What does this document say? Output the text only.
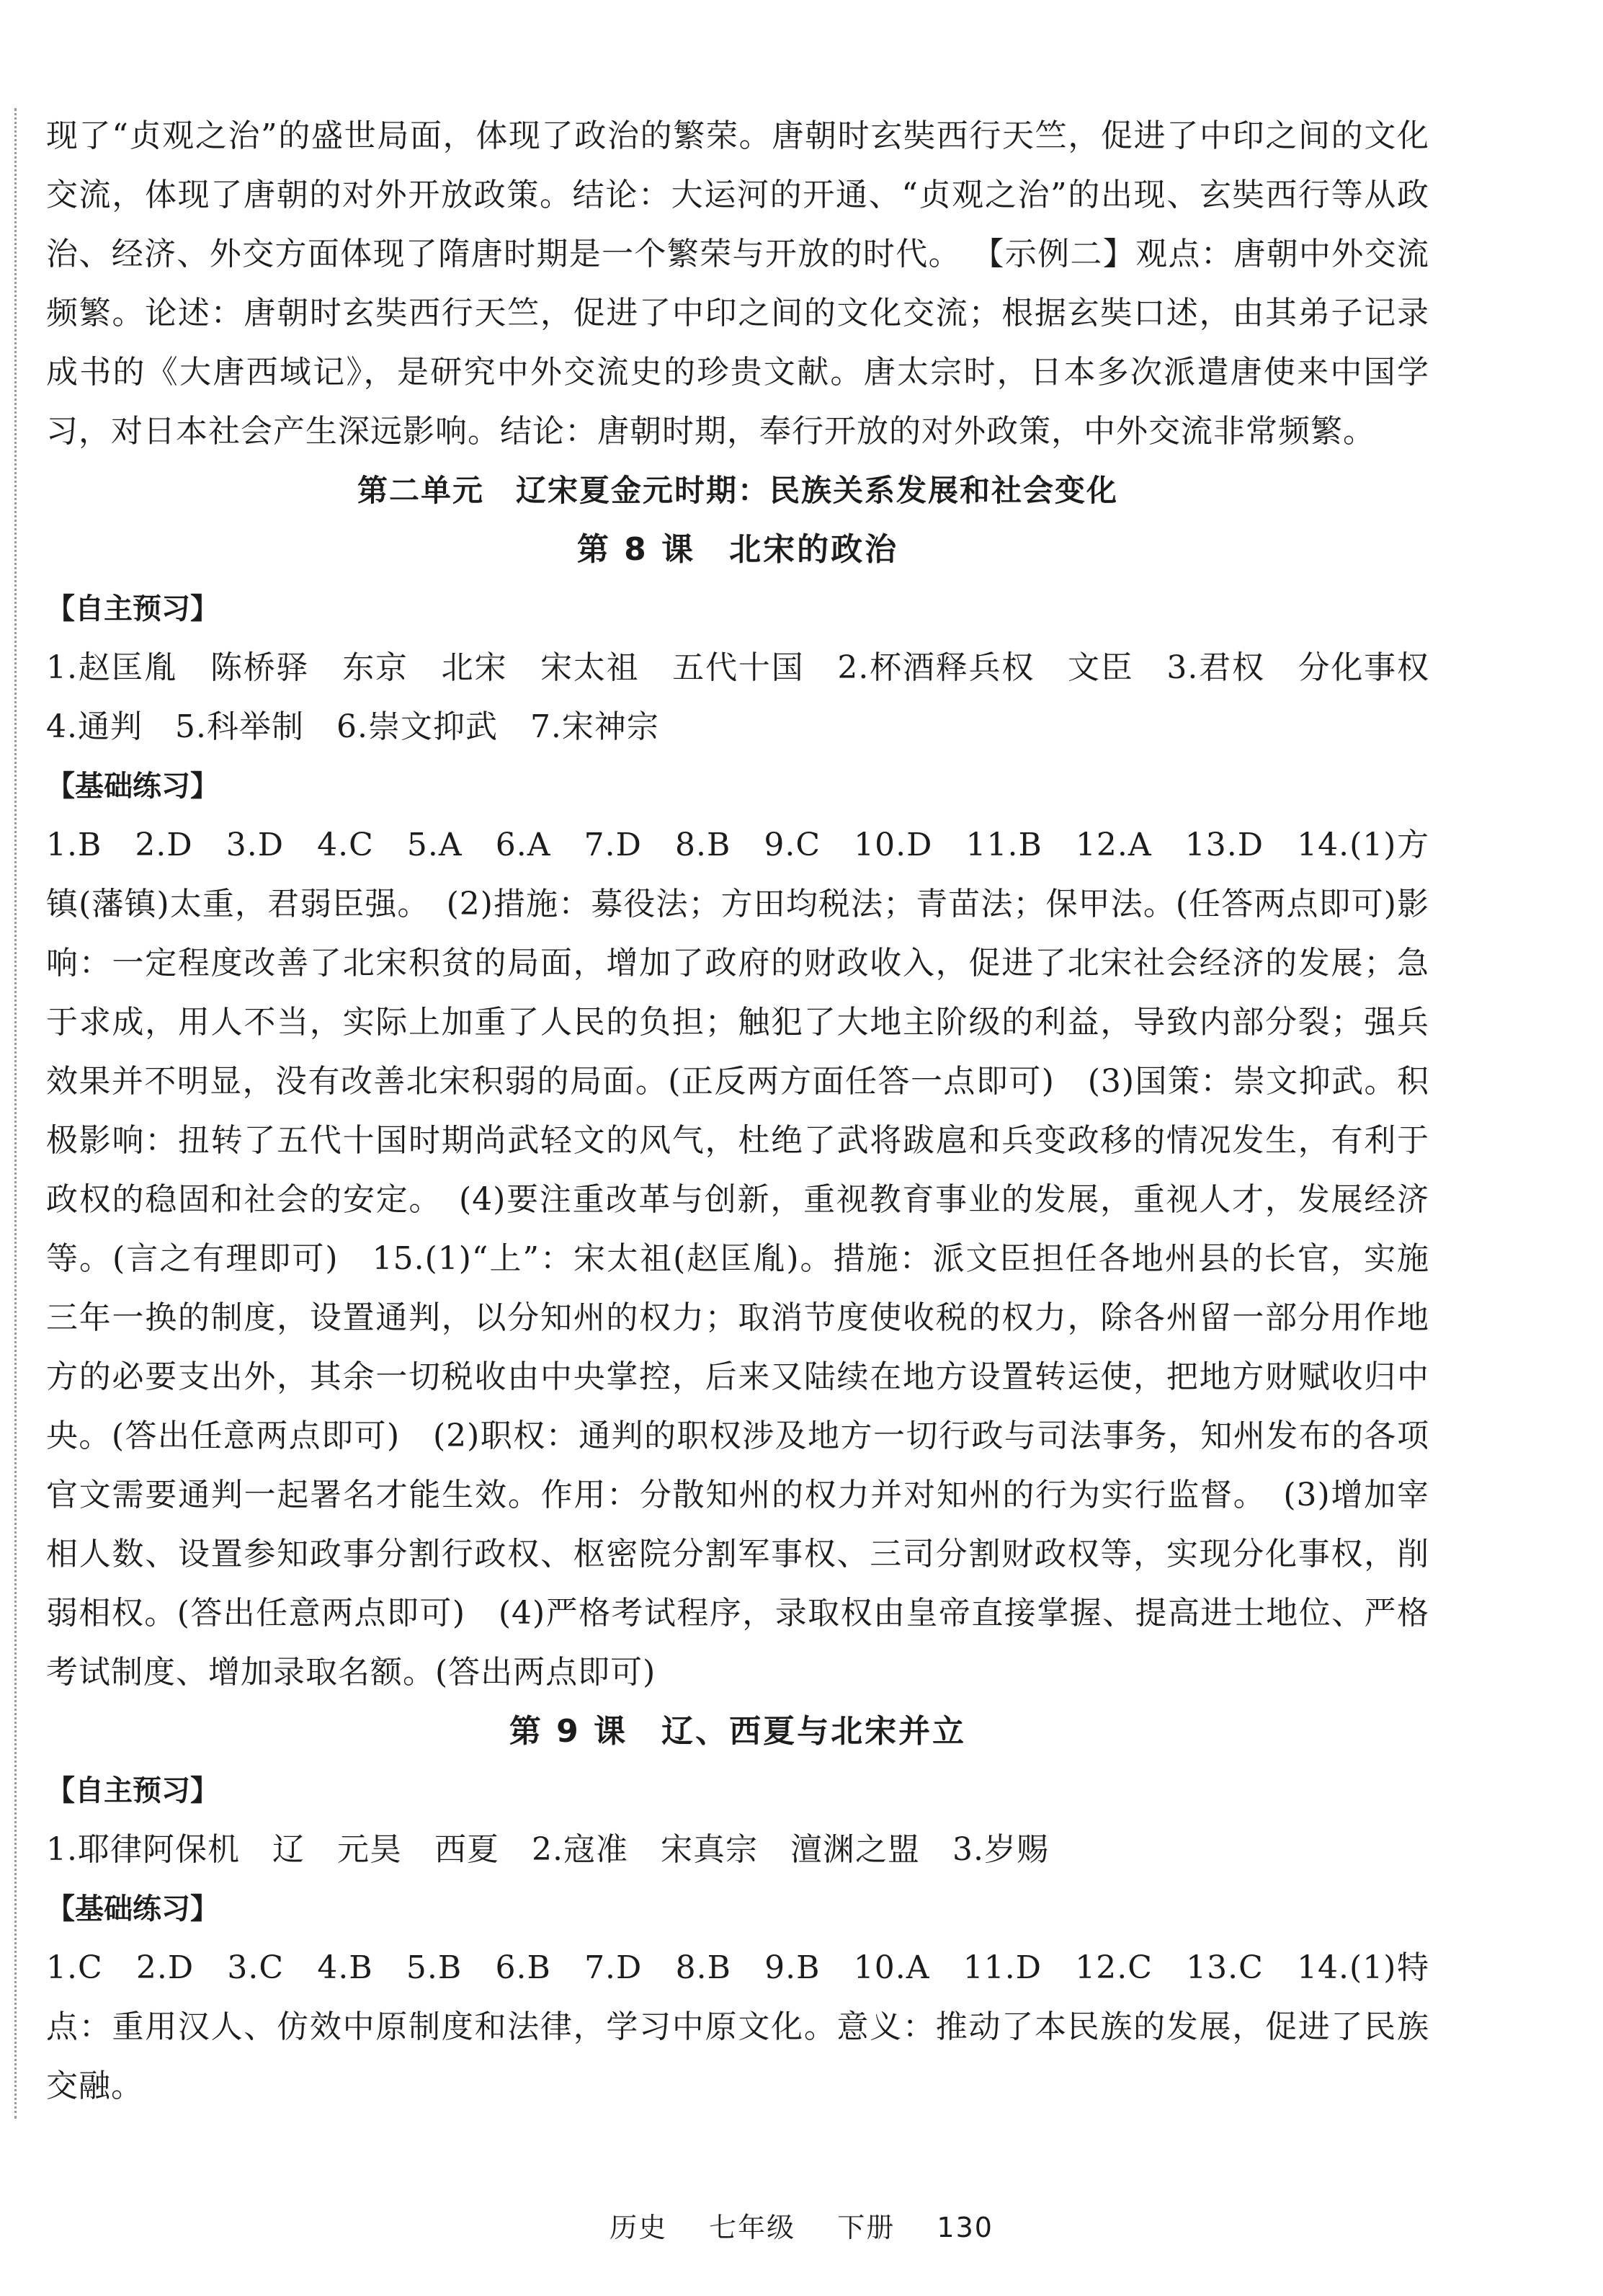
现了“贞观之治”的盛世局面，体现了政治的繁荣。唐朝时玄奘西行天竺，促进了中印之间的文化交流，体现了唐朝的对外开放政策。结论：大运河的开通、“贞观之治”的出现、玄奘西行等从政治、经济、外交方面体现了隋唐时期是一个繁荣与开放的时代。 【示例二】观点：唐朝中外交流频繁。论述：唐朝时玄奘西行天竺，促进了中印之间的文化交流；根据玄奘口述，由其弟子记录成书的《大唐西域记》，是研究中外交流史的珍贵文献。唐太宗时，日本多次派遣唐使来中国学习，对日本社会产生深远影响。结论：唐朝时期，奉行开放的对外政策，中外交流非常频繁。

第二单元　辽宋夏金元时期：民族关系发展和社会变化

第 8 课　北宋的政治

【自主预习】

1.赵匡胤　陈桥驿　东京　北宋　宋太祖　五代十国　2.杯酒释兵权　文臣　3.君权　分化事权　4.通判　5.科举制　6.崇文抑武　7.宋神宗

【基础练习】

1.B　2.D　3.D　4.C　5.A　6.A　7.D　8.B　9.C　10.D　11.B　12.A　13.D　14.(1)方镇(藩镇)太重，君弱臣强。　(2)措施：募役法；方田均税法；青苗法；保甲法。(任答两点即可)影响：一定程度改善了北宋积贫的局面，增加了政府的财政收入，促进了北宋社会经济的发展；急于求成，用人不当，实际上加重了人民的负担；触犯了大地主阶级的利益，导致内部分裂；强兵效果并不明显，没有改善北宋积弱的局面。(正反两方面任答一点即可)　(3)国策：崇文抑武。积极影响：扭转了五代十国时期尚武轻文的风气，杜绝了武将跋扈和兵变政移的情况发生，有利于政权的稳固和社会的安定。　(4)要注重改革与创新，重视教育事业的发展，重视人才，发展经济等。(言之有理即可)　15.(1)“上”：宋太祖(赵匡胤)。措施：派文臣担任各地州县的长官，实施三年一换的制度，设置通判，以分知州的权力；取消节度使收税的权力，除各州留一部分用作地方的必要支出外，其余一切税收由中央掌控，后来又陆续在地方设置转运使，把地方财赋收归中央。(答出任意两点即可)　(2)职权：通判的职权涉及地方一切行政与司法事务，知州发布的各项官文需要通判一起署名才能生效。作用：分散知州的权力并对知州的行为实行监督。　(3)增加宰相人数、设置参知政事分割行政权、枢密院分割军事权、三司分割财政权等，实现分化事权，削弱相权。(答出任意两点即可)　(4)严格考试程序，录取权由皇帝直接掌握、提高进士地位、严格考试制度、增加录取名额。(答出两点即可)

第 9 课　辽、西夏与北宋并立

【自主预习】

1.耶律阿保机　辽　元昊　西夏　2.寇准　宋真宗　澶渊之盟　3.岁赐

【基础练习】

1.C　2.D　3.C　4.B　5.B　6.B　7.D　8.B　9.B　10.A　11.D　12.C　13.C　14.(1)特点：重用汉人、仿效中原制度和法律，学习中原文化。意义：推动了本民族的发展，促进了民族交融。

历史 七年级 下册 130
